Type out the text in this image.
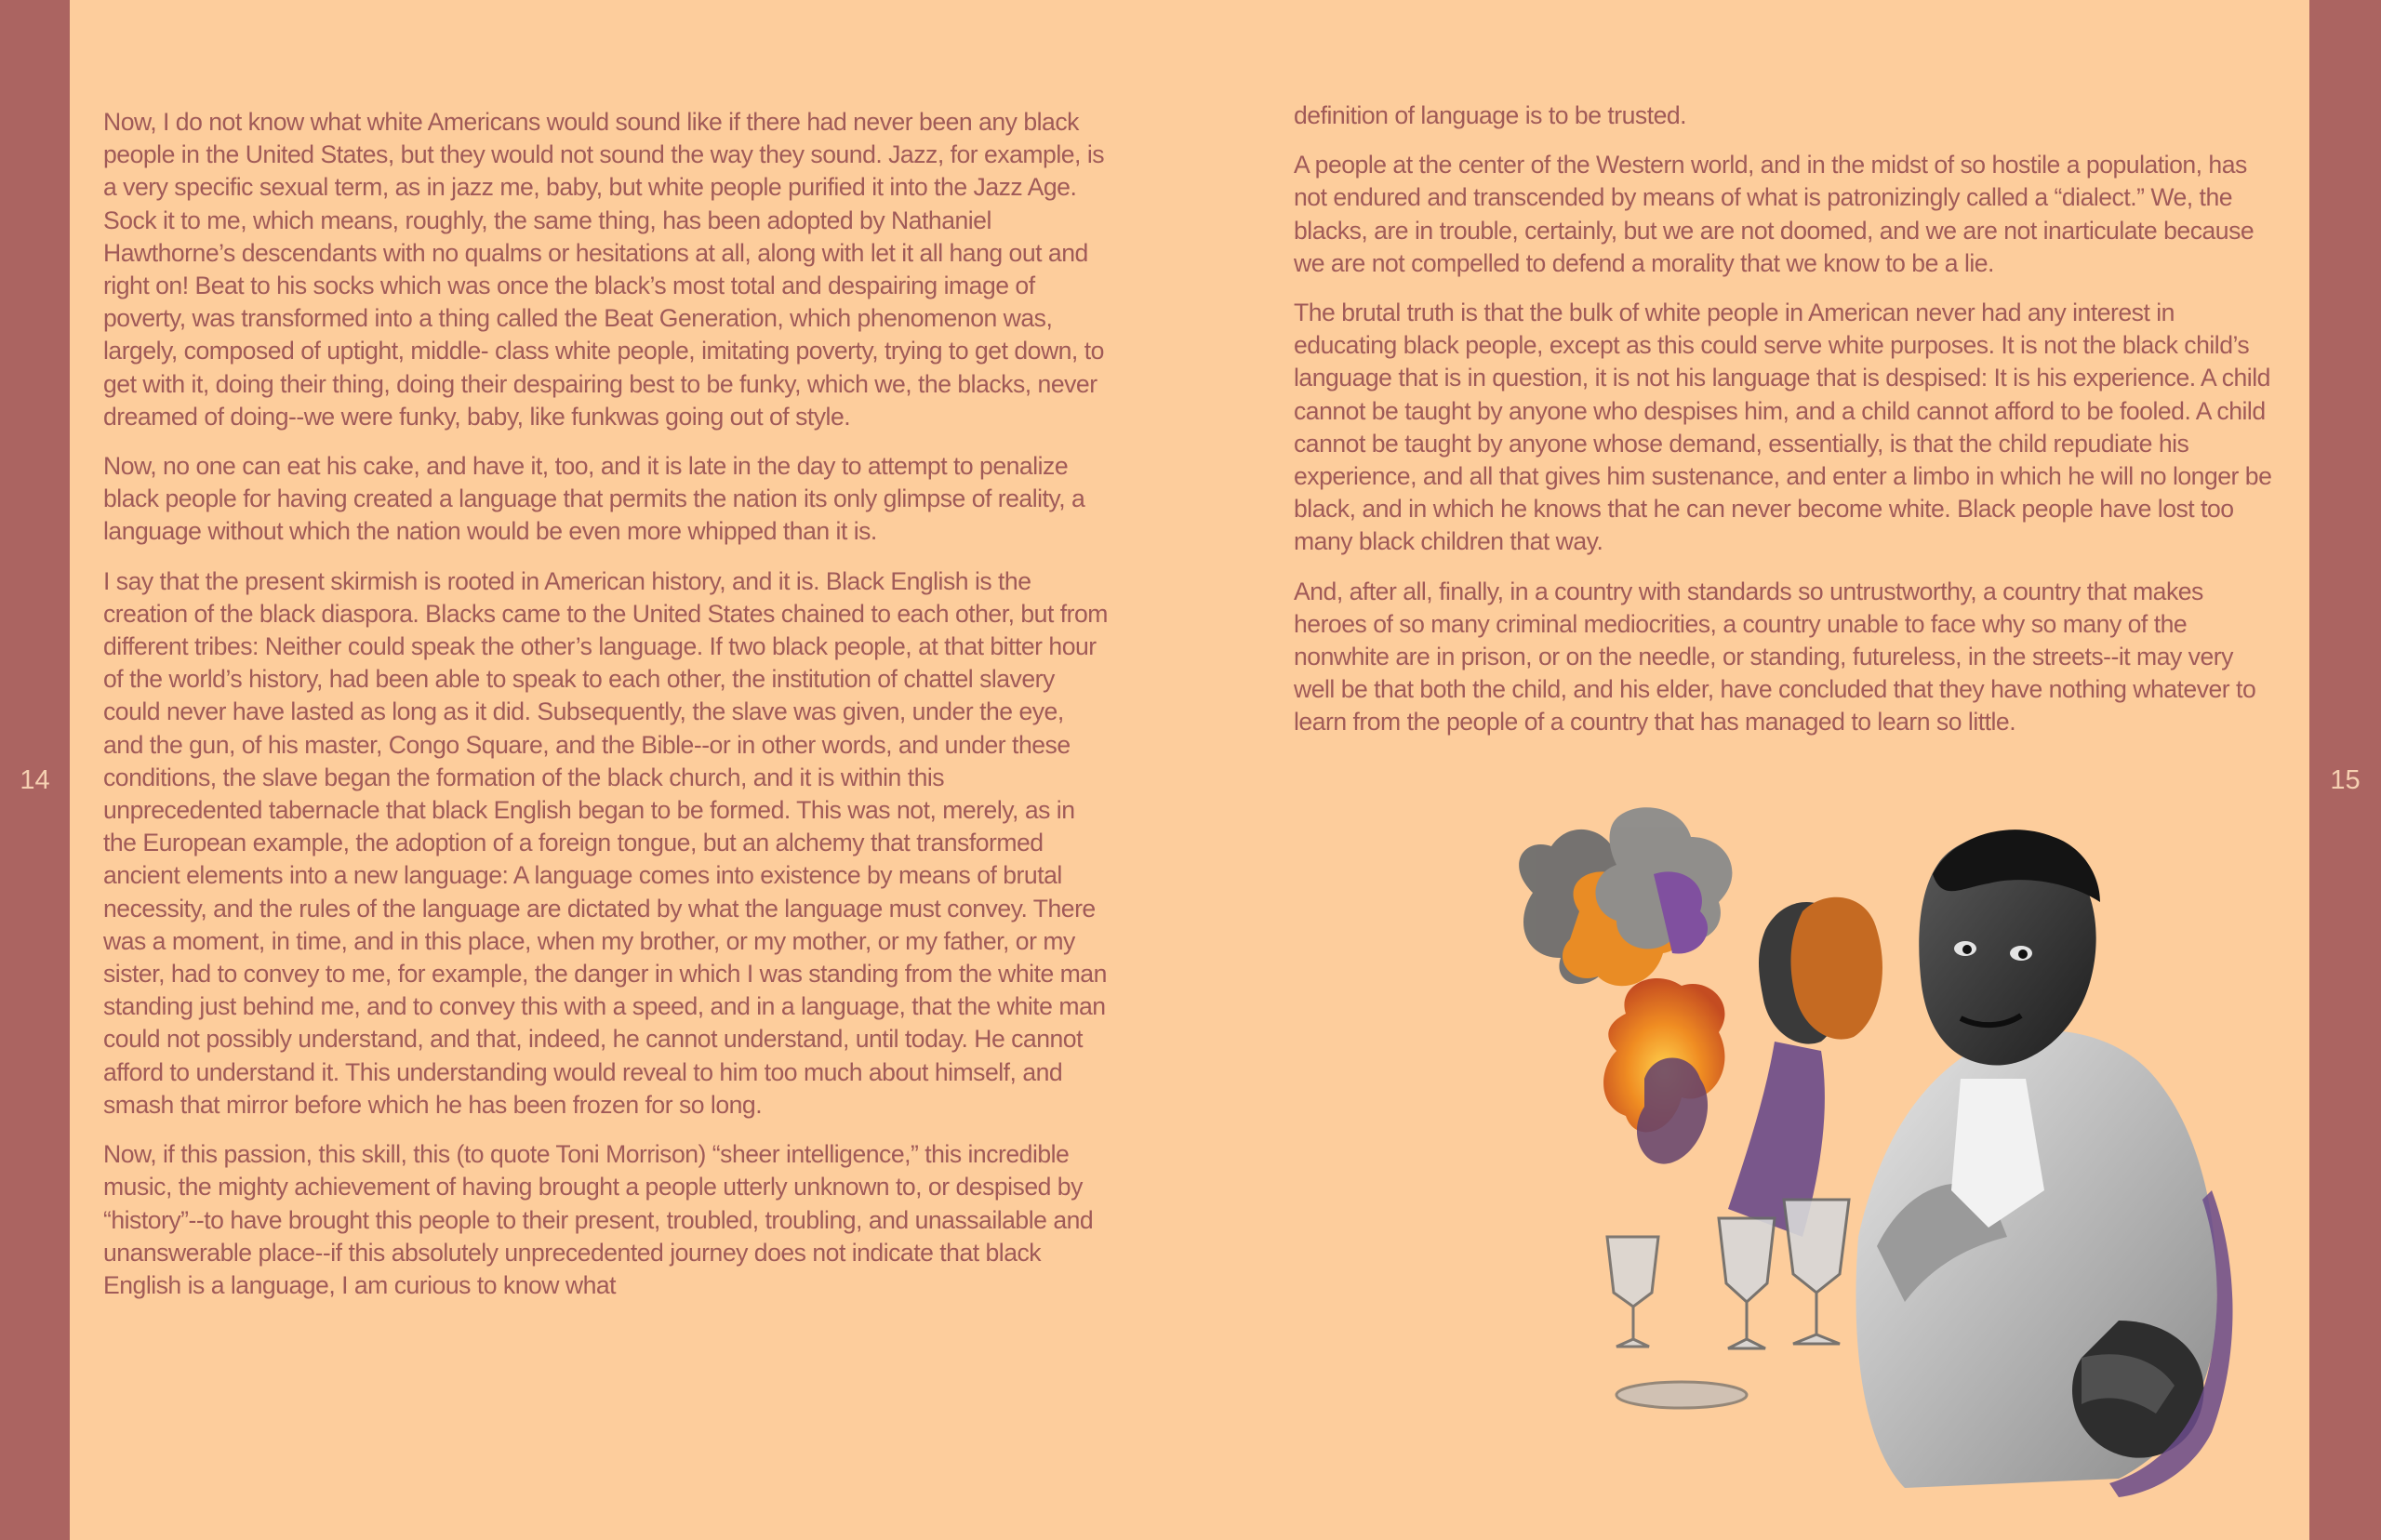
14	15

Now, I do not know what white Americans would sound like if there had never been any black people in the United States, but they would not sound the way they sound. Jazz, for example, is a very specific sexual term, as in jazz me, baby, but white people purified it into the Jazz Age. Sock it to me, which means, roughly, the same thing, has been adopted by Nathaniel Hawthorne’s descendants with no qualms or hesitations at all, along with let it all hang out and right on! Beat to his socks which was once the black’s most total and despairing image of poverty, was transformed into a thing called the Beat Generation, which phenomenon was, largely, composed of uptight, middle- class white people, imitating poverty, trying to get down, to get with it, doing their thing, doing their despairing best to be funky, which we, the blacks, never dreamed of doing--we were funky, baby, like funkwas going out of style.

Now, no one can eat his cake, and have it, too, and it is late in the day to attempt to penalize black people for having created a language that permits the nation its only glimpse of reality, a language without which the nation would be even more whipped than it is.

I say that the present skirmish is rooted in American history, and it is. Black English is the creation of the black diaspora. Blacks came to the United States chained to each other, but from different tribes: Neither could speak the other’s language. If two black people, at that bitter hour of the world’s history, had been able to speak to each other, the institution of chattel slavery could never have lasted as long as it did. Subsequently, the slave was given, under the eye, and the gun, of his master, Congo Square, and the Bible--or in other words, and under these conditions, the slave began the formation of the black church, and it is within this unprecedented tabernacle that black English began to be formed. This was not, merely, as in the European example, the adoption of a foreign tongue, but an alchemy that transformed ancient elements into a new language: A language comes into existence by means of brutal necessity, and the rules of the language are dictated by what the language must convey. There was a moment, in time, and in this place, when my brother, or my mother, or my father, or my sister, had to convey to me, for example, the danger in which I was standing from the white man standing just behind me, and to convey this with a speed, and in a language, that the white man could not possibly understand, and that, indeed, he cannot understand, until today. He cannot afford to understand it. This understanding would reveal to him too much about himself, and smash that mirror before which he has been frozen for so long.

Now, if this passion, this skill, this (to quote Toni Morrison) “sheer intelligence,” this incredible music, the mighty achievement of having brought a people utterly unknown to, or despised by “history”--to have brought this people to their present, troubled, troubling, and unassailable and unanswerable place--if this absolutely unprecedented journey does not indicate that black English is a language, I am curious to know what

definition of language is to be trusted.

A people at the center of the Western world, and in the midst of so hostile a population, has not endured and transcended by means of what is patronizingly called a “dialect.” We, the blacks, are in trouble, certainly, but we are not doomed, and we are not inarticulate because we are not compelled to defend a morality that we know to be a lie.

The brutal truth is that the bulk of white people in American never had any interest in educating black people, except as this could serve white purposes. It is not the black child’s language that is in question, it is not his language that is despised: It is his experience. A child cannot be taught by anyone who despises him, and a child cannot afford to be fooled. A child cannot be taught by anyone whose demand, essentially, is that the child repudiate his experience, and all that gives him sustenance, and enter a limbo in which he will no longer be black, and in which he knows that he can never become white. Black people have lost too many black children that way.

And, after all, finally, in a country with standards so untrustworthy, a country that makes heroes of so many criminal mediocrities, a country unable to face why so many of the nonwhite are in prison, or on the needle, or standing, futureless, in the streets--it may very well be that both the child, and his elder, have concluded that they have nothing whatever to learn from the people of a country that has managed to learn so little.
